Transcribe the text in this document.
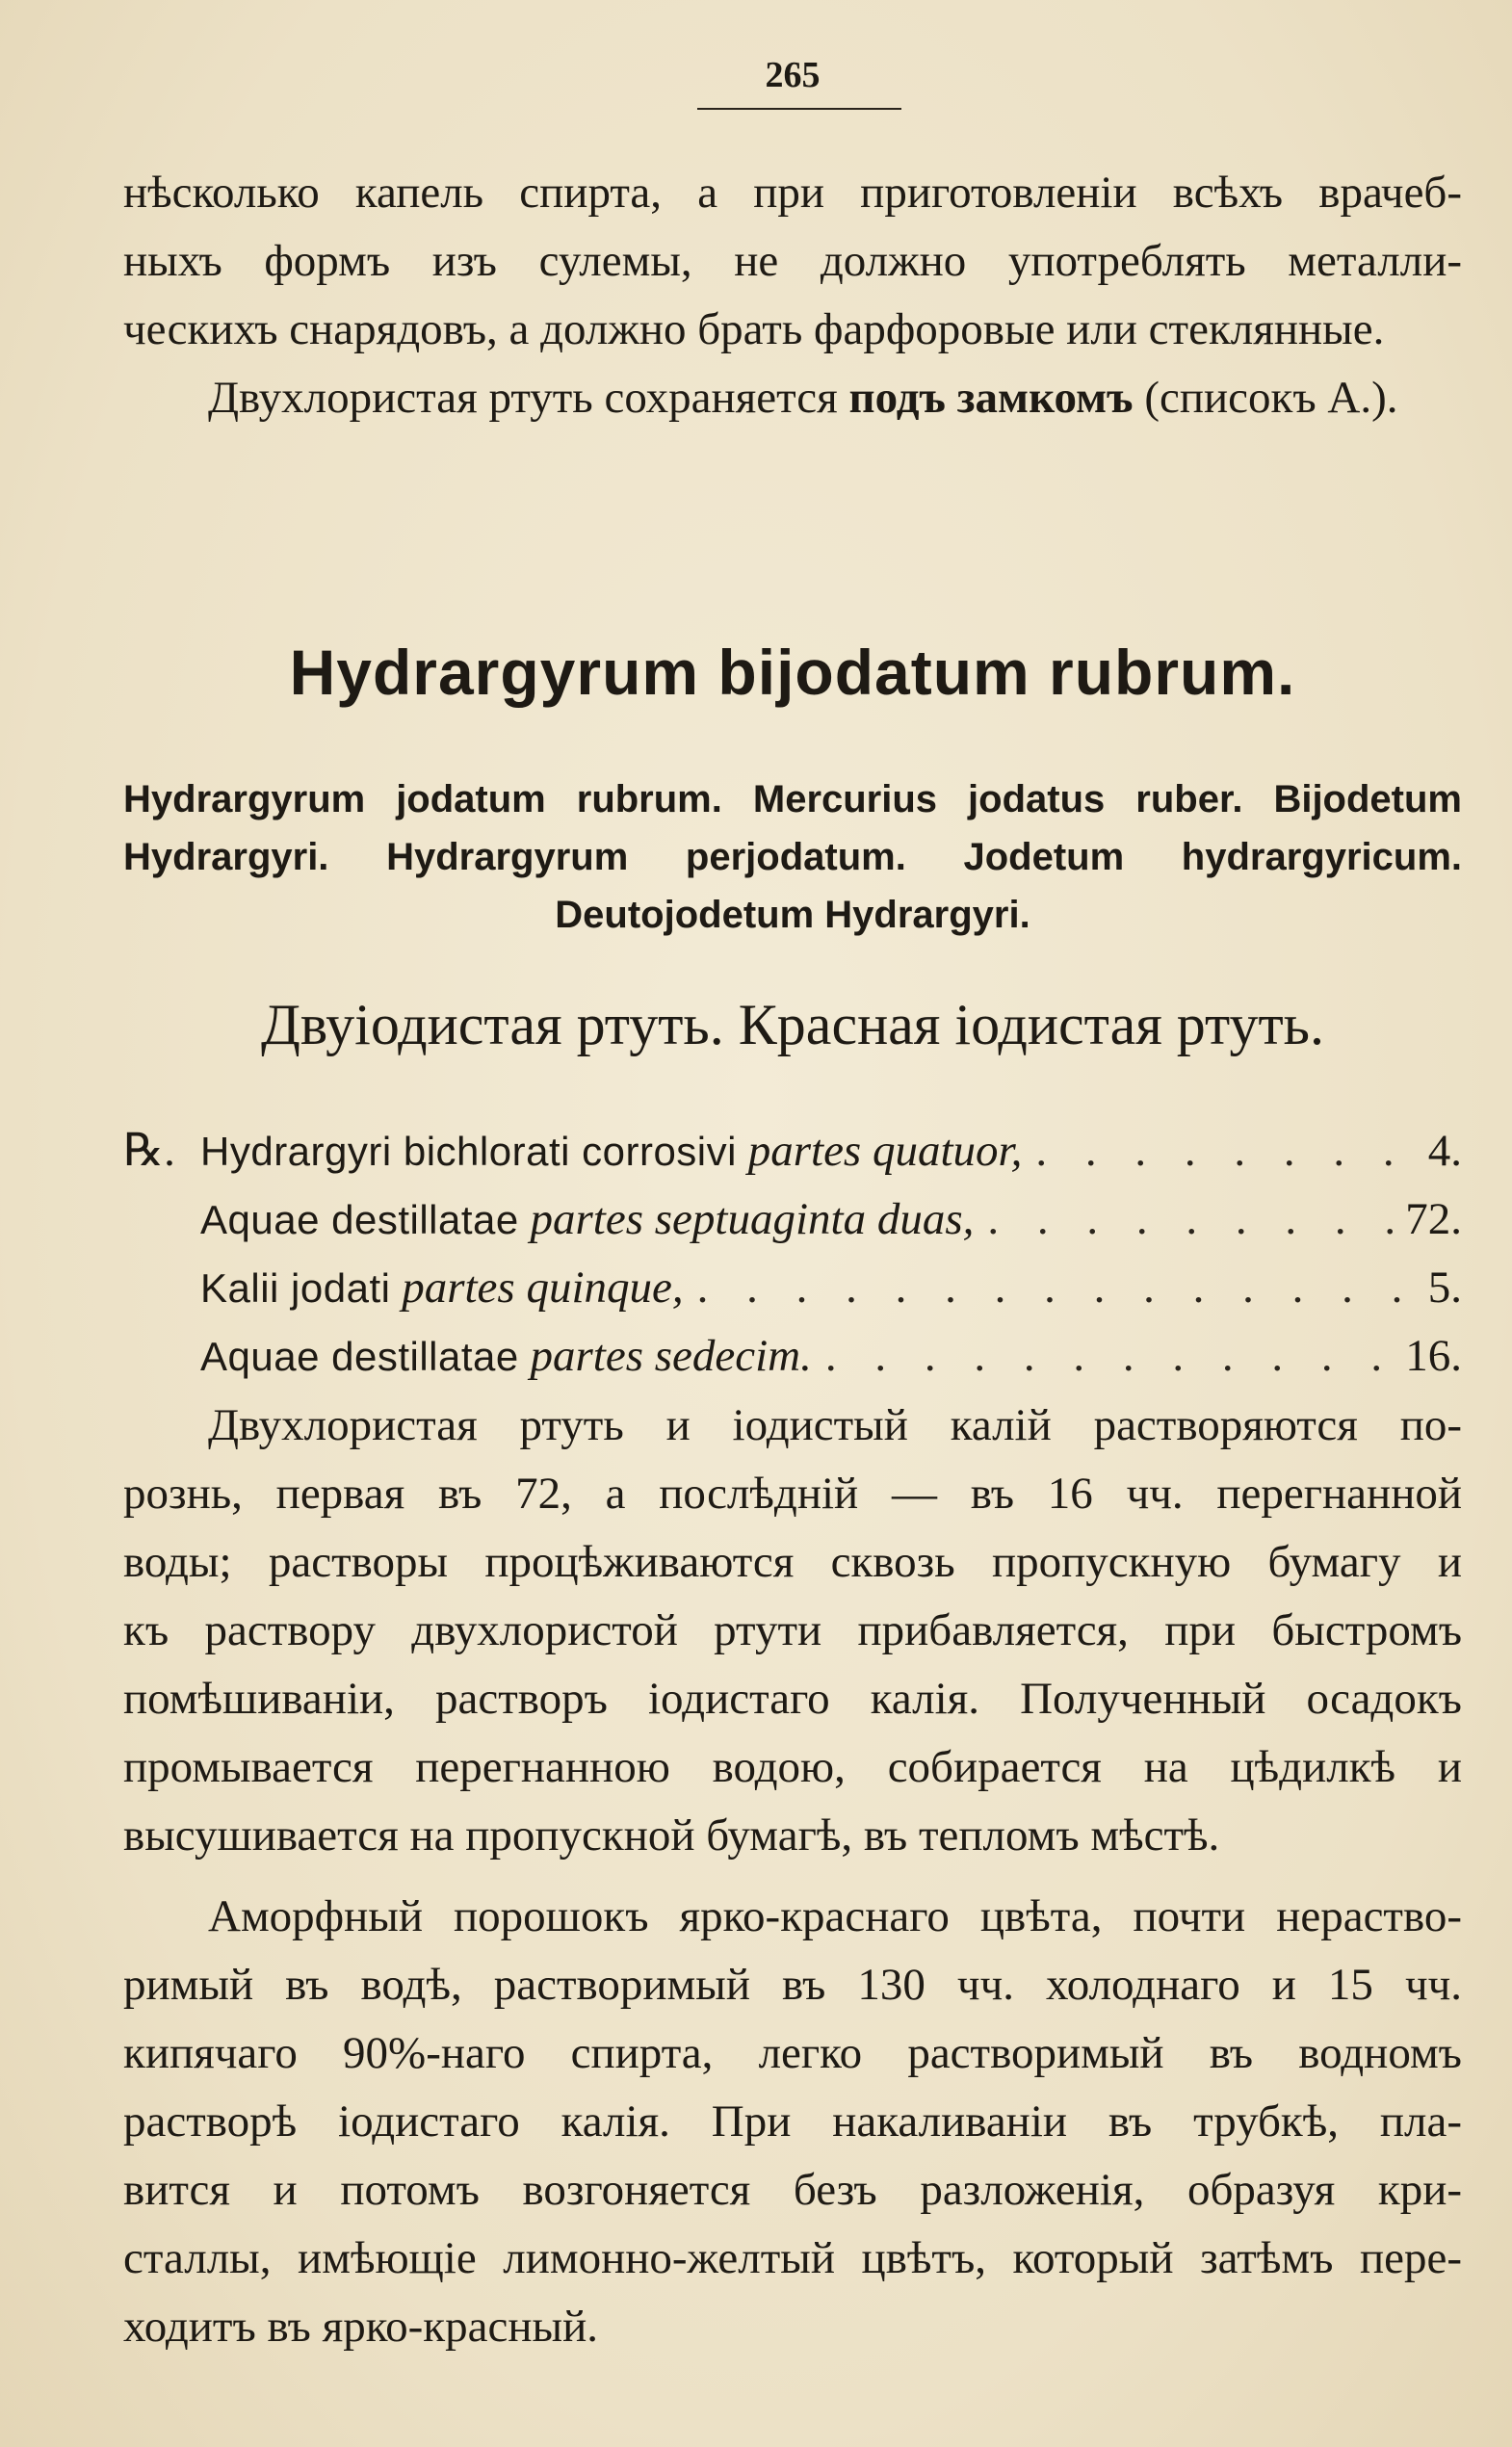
265
нѣсколько капель спирта, а при приготовленіи всѣхъ врачеб-
ныхъ формъ изъ сулемы, не должно употреблять металли-
ческихъ снарядовъ, а должно брать фарфоровые или стеклянные.
Двухлористая ртуть сохраняется подъ замкомъ (списокъ А.).
Hydrargyrum bijodatum rubrum.
Hydrargyrum jodatum rubrum. Mercurius jodatus ruber. Bijodetum
Hydrargyri. Hydrargyrum perjodatum. Jodetum hydrargyricum.
Deutojodetum Hydrargyri.
Двуіодистая ртуть. Красная іодистая ртуть.
℞. Hydrargyri bichlorati corrosivi partes quatuor, . . .	4.
Aquae destillatae partes septuaginta duas, . . .	72.
Kalii jodati partes quinque, . . .	5.
Aquae destillatae partes sedecim. . . .	16.
Двухлористая ртуть и іодистый калій растворяются по-
рознь, первая въ 72, а послѣдній — въ 16 чч. перегнанной
воды; растворы процѣживаются сквозь пропускную бумагу и
къ раствору двухлористой ртути прибавляется, при быстромъ
помѣшиваніи, растворъ іодистаго калія. Полученный осадокъ
промывается перегнанною водою, собирается на цѣдилкѣ и
высушивается на пропускной бумагѣ, въ тепломъ мѣстѣ.
Аморфный порошокъ ярко-краснаго цвѣта, почти нераство-
римый въ водѣ, растворимый въ 130 чч. холоднаго и 15 чч.
кипячаго 90%-наго спирта, легко растворимый въ водномъ
растворѣ іодистаго калія. При накаливаніи въ трубкѣ, пла-
вится и потомъ возгоняется безъ разложенія, образуя кри-
сталлы, имѣющіе лимонно-желтый цвѣтъ, который затѣмъ пере-
ходитъ въ ярко-красный.
